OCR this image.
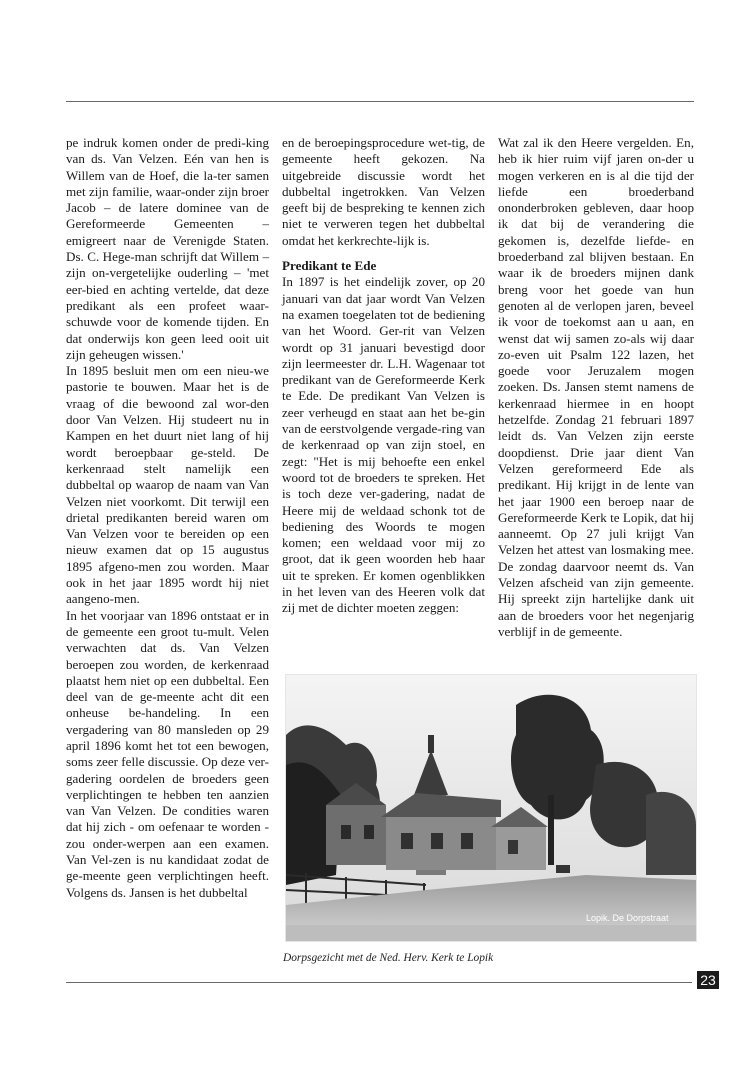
pe indruk komen onder de predi-king van ds. Van Velzen. Eén van hen is Willem van de Hoef, die la-ter samen met zijn familie, waar-onder zijn broer Jacob – de latere dominee van de Gereformeerde Gemeenten – emigreert naar de Verenigde Staten. Ds. C. Hege-man schrijft dat Willem – zijn on-vergetelijke ouderling – 'met eer-bied en achting vertelde, dat deze predikant als een profeet waar-schuwde voor de komende tijden. En dat onderwijs kon geen leed ooit uit zijn geheugen wissen.'

In 1895 besluit men om een nieu-we pastorie te bouwen. Maar het is de vraag of die bewoond zal wor-den door Van Velzen. Hij studeert nu in Kampen en het duurt niet lang of hij wordt beroepbaar ge-steld. De kerkenraad stelt namelijk een dubbeltal op waarop de naam van Van Velzen niet voorkomt. Dit terwijl een drietal predikanten bereid waren om Van Velzen voor te bereiden op een nieuw examen dat op 15 augustus 1895 afgeno-men zou worden. Maar ook in het jaar 1895 wordt hij niet aangeno-men.

In het voorjaar van 1896 ontstaat er in de gemeente een groot tu-mult. Velen verwachten dat ds. Van Velzen beroepen zou worden, de kerkenraad plaatst hem niet op een dubbeltal. Een deel van de ge-meente acht dit een onheuse be-handeling. In een vergadering van 80 mansleden op 29 april 1896 komt het tot een bewogen, soms zeer felle discussie. Op deze ver-gadering oordelen de broeders geen verplichtingen te hebben ten aanzien van Van Velzen. De condities waren dat hij zich - om oefenaar te worden - zou onder-werpen aan een examen. Van Vel-zen is nu kandidaat zodat de ge-meente geen verplichtingen heeft. Volgens ds. Jansen is het dubbeltal

en de beroepingsprocedure wet-tig, de gemeente heeft gekozen. Na uitgebreide discussie wordt het dubbeltal ingetrokken. Van Velzen geeft bij de bespreking te kennen zich niet te verweren tegen het dubbeltal omdat het kerkrechte-lijk is.

Predikant te Ede

In 1897 is het eindelijk zover, op 20 januari van dat jaar wordt Van Velzen na examen toegelaten tot de bediening van het Woord. Ger-rit van Velzen wordt op 31 januari bevestigd door zijn leermeester dr. L.H. Wagenaar tot predikant van de Gereformeerde Kerk te Ede. De predikant Van Velzen is zeer verheugd en staat aan het be-gin van de eerstvolgende vergade-ring van de kerkenraad op van zijn stoel, en zegt: "Het is mij behoefte een enkel woord tot de broeders te spreken. Het is toch deze ver-gadering, nadat de Heere mij de weldaad schonk tot de bediening des Woords te mogen komen; een weldaad voor mij zo groot, dat ik geen woorden heb haar uit te spreken. Er komen ogenblikken in het leven van des Heeren volk dat zij met de dichter moeten zeggen:

Wat zal ik den Heere vergelden. En, heb ik hier ruim vijf jaren on-der u mogen verkeren en is al die tijd der liefde een broederband ononderbroken gebleven, daar hoop ik dat bij de verandering die gekomen is, dezelfde liefde- en broederband zal blijven bestaan. En waar ik de broeders mijnen dank breng voor het goede van hun genoten al de verlopen jaren, beveel ik voor de toekomst aan u aan, en wenst dat wij samen zo-als wij daar zo-even uit Psalm 122 lazen, het goede voor Jeruzalem mogen zoeken. Ds. Jansen stemt namens de kerkenraad hiermee in en hoopt hetzelfde. Zondag 21 februari 1897 leidt ds. Van Velzen zijn eerste doopdienst. Drie jaar dient Van Velzen gereformeerd Ede als predikant. Hij krijgt in de lente van het jaar 1900 een beroep naar de Gereformeerde Kerk te Lopik, dat hij aanneemt. Op 27 juli krijgt Van Velzen het attest van losmaking mee. De zondag daarvoor neemt ds. Van Velzen afscheid van zijn gemeente. Hij spreekt zijn hartelijke dank uit aan de broeders voor het negenjarig verblijf in de gemeente.

Lopik. De Dorpstraat
Dorpsgezicht met de Ned. Herv. Kerk te Lopik
23
